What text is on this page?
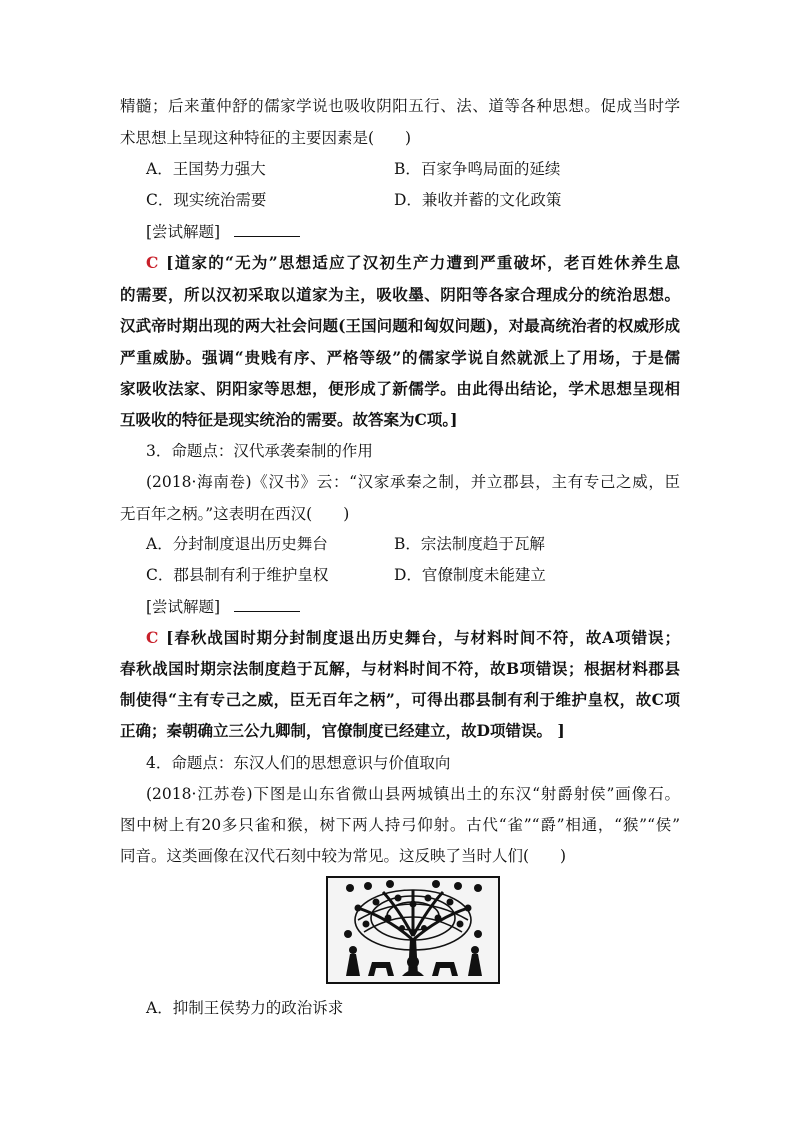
精髓；后来董仲舒的儒家学说也吸收阴阳五行、法、道等各种思想。促成当时学
术思想上呈现这种特征的主要因素是(　　)
A．王国势力强大	B．百家争鸣局面的延续
C．现实统治需要	D．兼收并蓄的文化政策
[尝试解题]
C  [道家的“无为”思想适应了汉初生产力遭到严重破坏，老百姓休养生息
的需要，所以汉初采取以道家为主，吸收墨、阴阳等各家合理成分的统治思想。
汉武帝时期出现的两大社会问题(王国问题和匈奴问题)，对最高统治者的权威形成
严重威胁。强调“贵贱有序、严格等级”的儒家学说自然就派上了用场，于是儒
家吸收法家、阴阳家等思想，便形成了新儒学。由此得出结论，学术思想呈现相
互吸收的特征是现实统治的需要。故答案为C项。]
3．命题点：汉代承袭秦制的作用
(2018·海南卷)《汉书》云：“汉家承秦之制，并立郡县，主有专己之威，臣
无百年之柄。”这表明在西汉(　　)
A．分封制度退出历史舞台	B．宗法制度趋于瓦解
C．郡县制有利于维护皇权	D．官僚制度未能建立
[尝试解题]
C  [春秋战国时期分封制度退出历史舞台，与材料时间不符，故A项错误；
春秋战国时期宗法制度趋于瓦解，与材料时间不符，故B项错误；根据材料郡县
制使得“主有专己之威，臣无百年之柄”，可得出郡县制有利于维护皇权，故C项
正确；秦朝确立三公九卿制，官僚制度已经建立，故D项错误。 ]
4．命题点：东汉人们的思想意识与价值取向
(2018·江苏卷)下图是山东省微山县两城镇出土的东汉“射爵射侯”画像石。
图中树上有20多只雀和猴，树下两人持弓仰射。古代“雀”“爵”相通，“猴”“侯”
同音。这类画像在汉代石刻中较为常见。这反映了当时人们(　　)
A．抑制王侯势力的政治诉求
